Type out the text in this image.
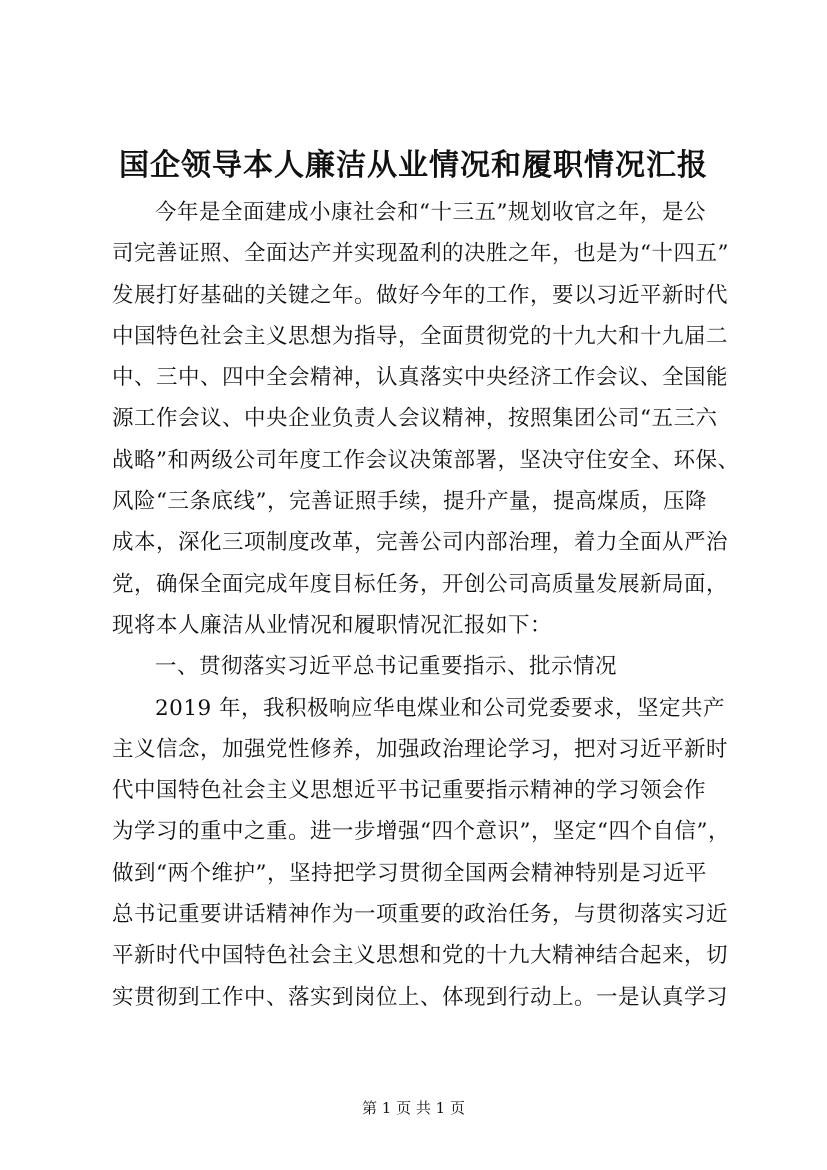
国企领导本人廉洁从业情况和履职情况汇报
今年是全面建成小康社会和“十三五”规划收官之年，是公
司完善证照、全面达产并实现盈利的决胜之年，也是为“十四五”
发展打好基础的关键之年。做好今年的工作，要以习近平新时代
中国特色社会主义思想为指导，全面贯彻党的十九大和十九届二
中、三中、四中全会精神，认真落实中央经济工作会议、全国能
源工作会议、中央企业负责人会议精神，按照集团公司“五三六
战略”和两级公司年度工作会议决策部署，坚决守住安全、环保、
风险“三条底线”，完善证照手续，提升产量，提高煤质，压降
成本，深化三项制度改革，完善公司内部治理，着力全面从严治
党，确保全面完成年度目标任务，开创公司高质量发展新局面，
现将本人廉洁从业情况和履职情况汇报如下：
一、贯彻落实习近平总书记重要指示、批示情况
2019 年，我积极响应华电煤业和公司党委要求，坚定共产
主义信念，加强党性修养，加强政治理论学习，把对习近平新时
代中国特色社会主义思想近平书记重要指示精神的学习领会作
为学习的重中之重。进一步增强“四个意识”，坚定“四个自信”，
做到“两个维护”，坚持把学习贯彻全国两会精神特别是习近平
总书记重要讲话精神作为一项重要的政治任务，与贯彻落实习近
平新时代中国特色社会主义思想和党的十九大精神结合起来，切
实贯彻到工作中、落实到岗位上、体现到行动上。一是认真学习
第 1 页 共 1 页
